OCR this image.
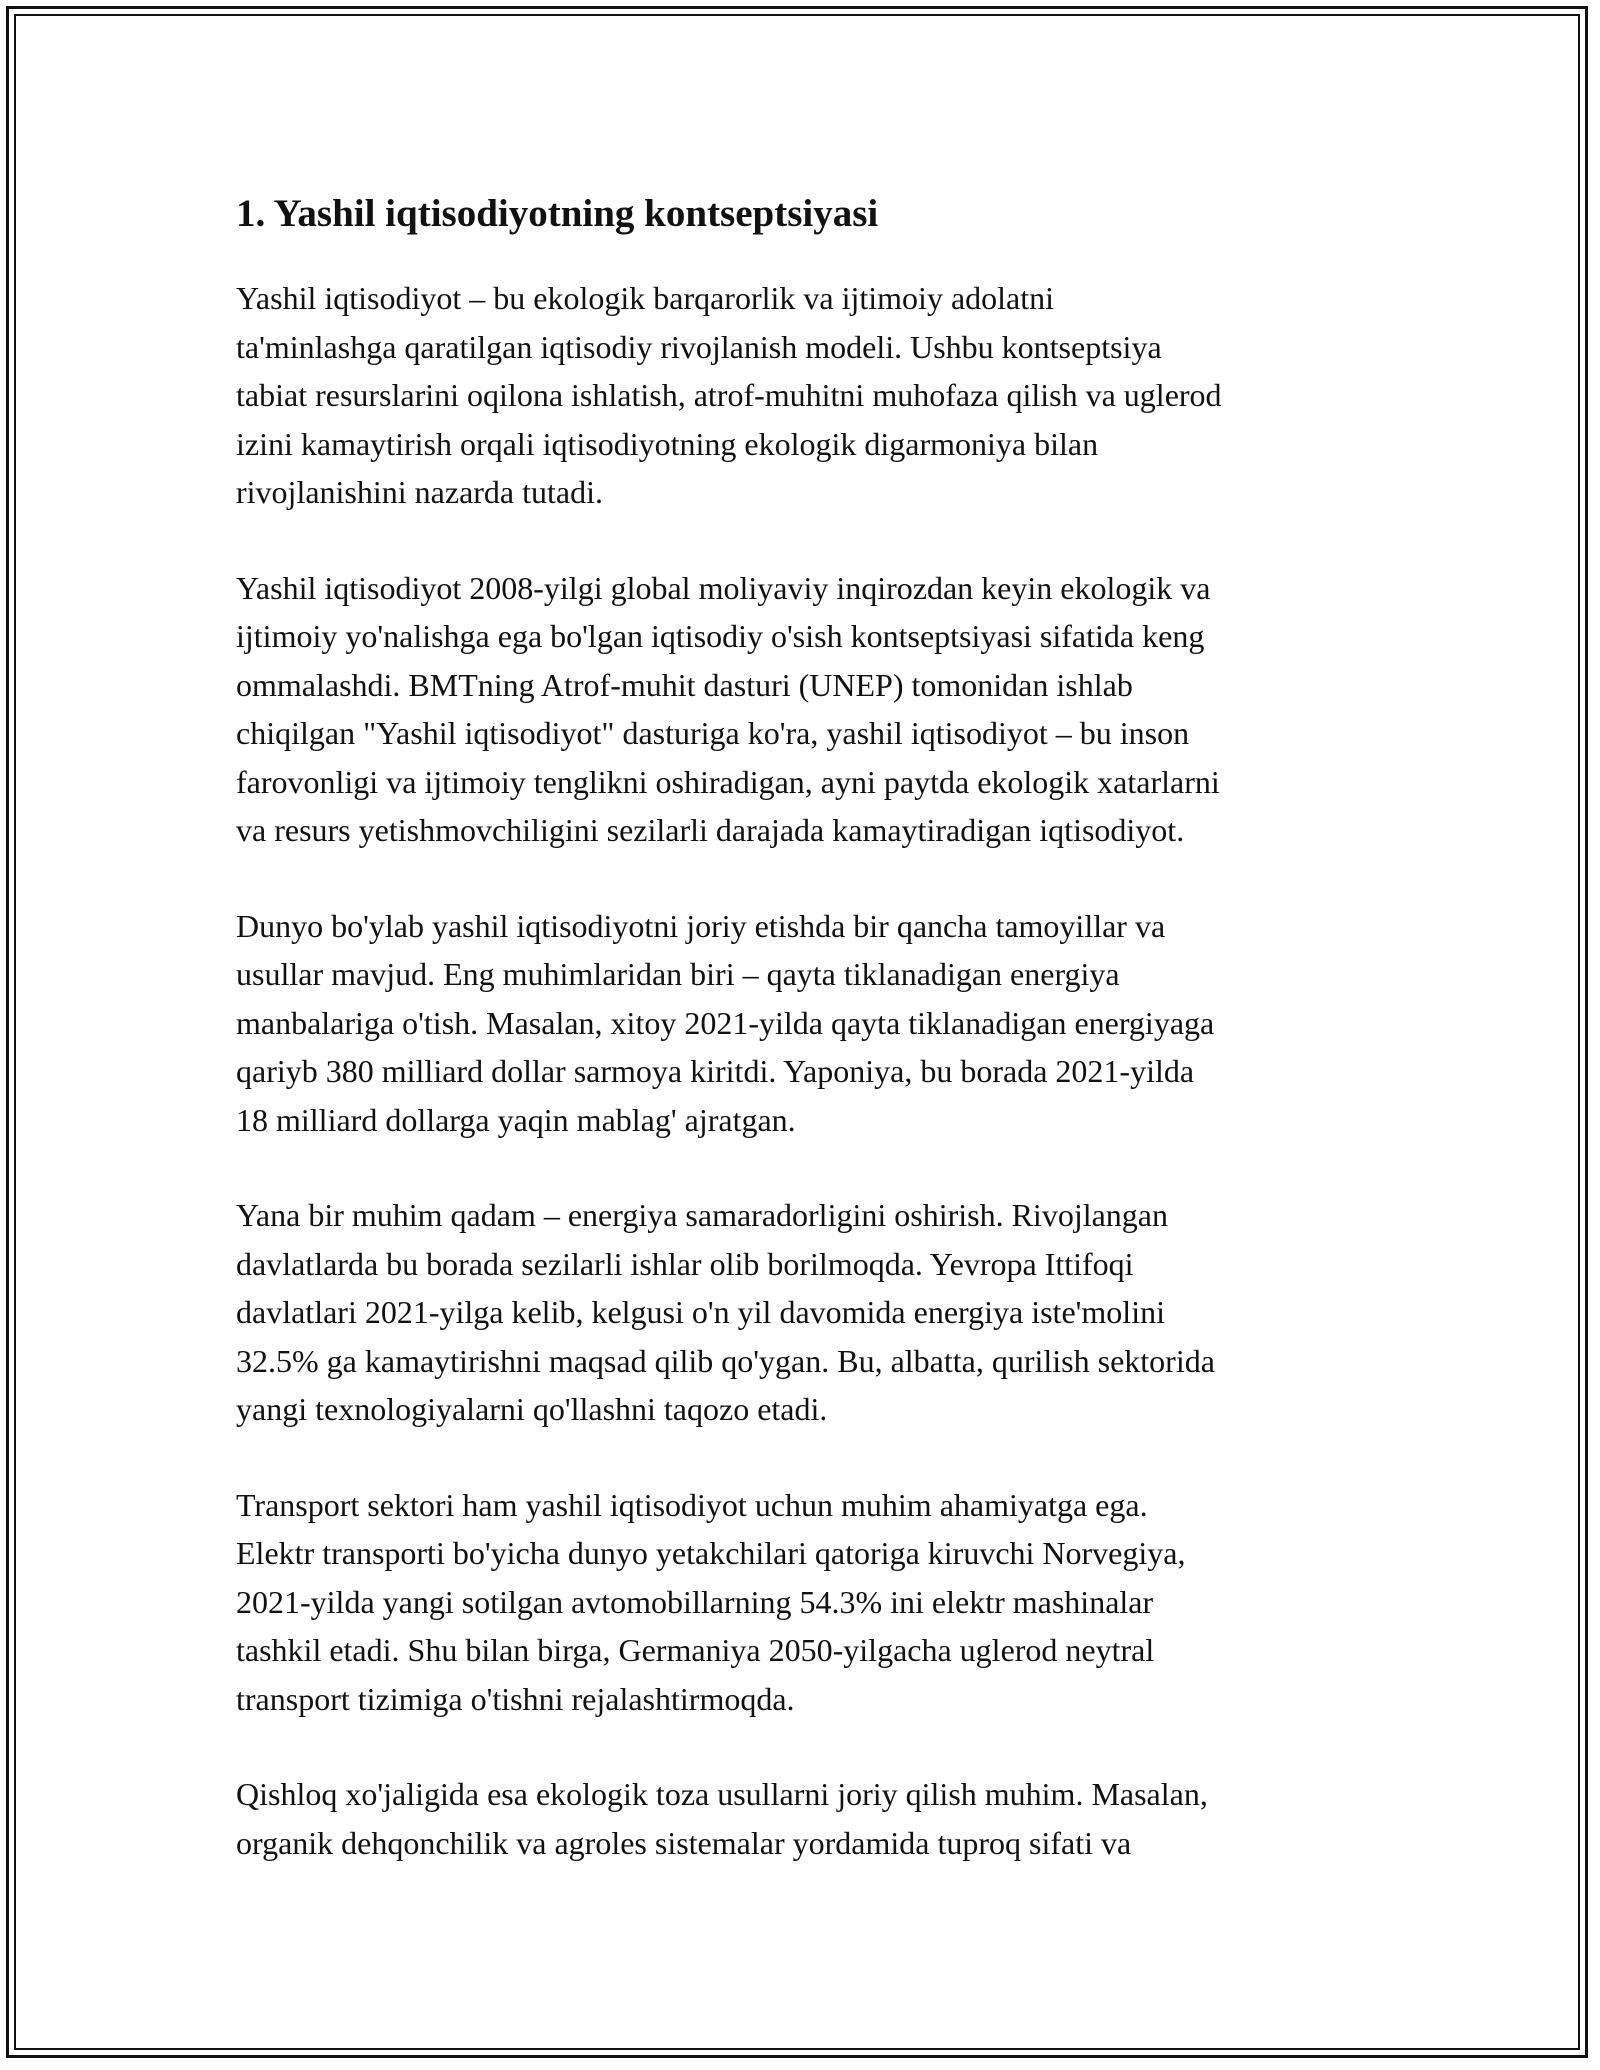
1. Yashil iqtisodiyotning kontseptsiyasi

Yashil iqtisodiyot – bu ekologik barqarorlik va ijtimoiy adolatni
ta'minlashga qaratilgan iqtisodiy rivojlanish modeli. Ushbu kontseptsiya
tabiat resurslarini oqilona ishlatish, atrof-muhitni muhofaza qilish va uglerod
izini kamaytirish orqali iqtisodiyotning ekologik digarmoniya bilan
rivojlanishini nazarda tutadi.

Yashil iqtisodiyot 2008-yilgi global moliyaviy inqirozdan keyin ekologik va
ijtimoiy yo'nalishga ega bo'lgan iqtisodiy o'sish kontseptsiyasi sifatida keng
ommalashdi. BMTning Atrof-muhit dasturi (UNEP) tomonidan ishlab
chiqilgan "Yashil iqtisodiyot" dasturiga ko'ra, yashil iqtisodiyot – bu inson
farovonligi va ijtimoiy tenglikni oshiradigan, ayni paytda ekologik xatarlarni
va resurs yetishmovchiligini sezilarli darajada kamaytiradigan iqtisodiyot.

Dunyo bo'ylab yashil iqtisodiyotni joriy etishda bir qancha tamoyillar va
usullar mavjud. Eng muhimlaridan biri – qayta tiklanadigan energiya
manbalariga o'tish. Masalan, xitoy 2021-yilda qayta tiklanadigan energiyaga
qariyb 380 milliard dollar sarmoya kiritdi. Yaponiya, bu borada 2021-yilda
18 milliard dollarga yaqin mablag' ajratgan.

Yana bir muhim qadam – energiya samaradorligini oshirish. Rivojlangan
davlatlarda bu borada sezilarli ishlar olib borilmoqda. Yevropa Ittifoqi
davlatlari 2021-yilga kelib, kelgusi o'n yil davomida energiya iste'molini
32.5% ga kamaytirishni maqsad qilib qo'ygan. Bu, albatta, qurilish sektorida
yangi texnologiyalarni qo'llashni taqozo etadi.

Transport sektori ham yashil iqtisodiyot uchun muhim ahamiyatga ega.
Elektr transporti bo'yicha dunyo yetakchilari qatoriga kiruvchi Norvegiya,
2021-yilda yangi sotilgan avtomobillarning 54.3% ini elektr mashinalar
tashkil etadi. Shu bilan birga, Germaniya 2050-yilgacha uglerod neytral
transport tizimiga o'tishni rejalashtirmoqda.

Qishloq xo'jaligida esa ekologik toza usullarni joriy qilish muhim. Masalan,
organik dehqonchilik va agroles sistemalar yordamida tuproq sifati va
